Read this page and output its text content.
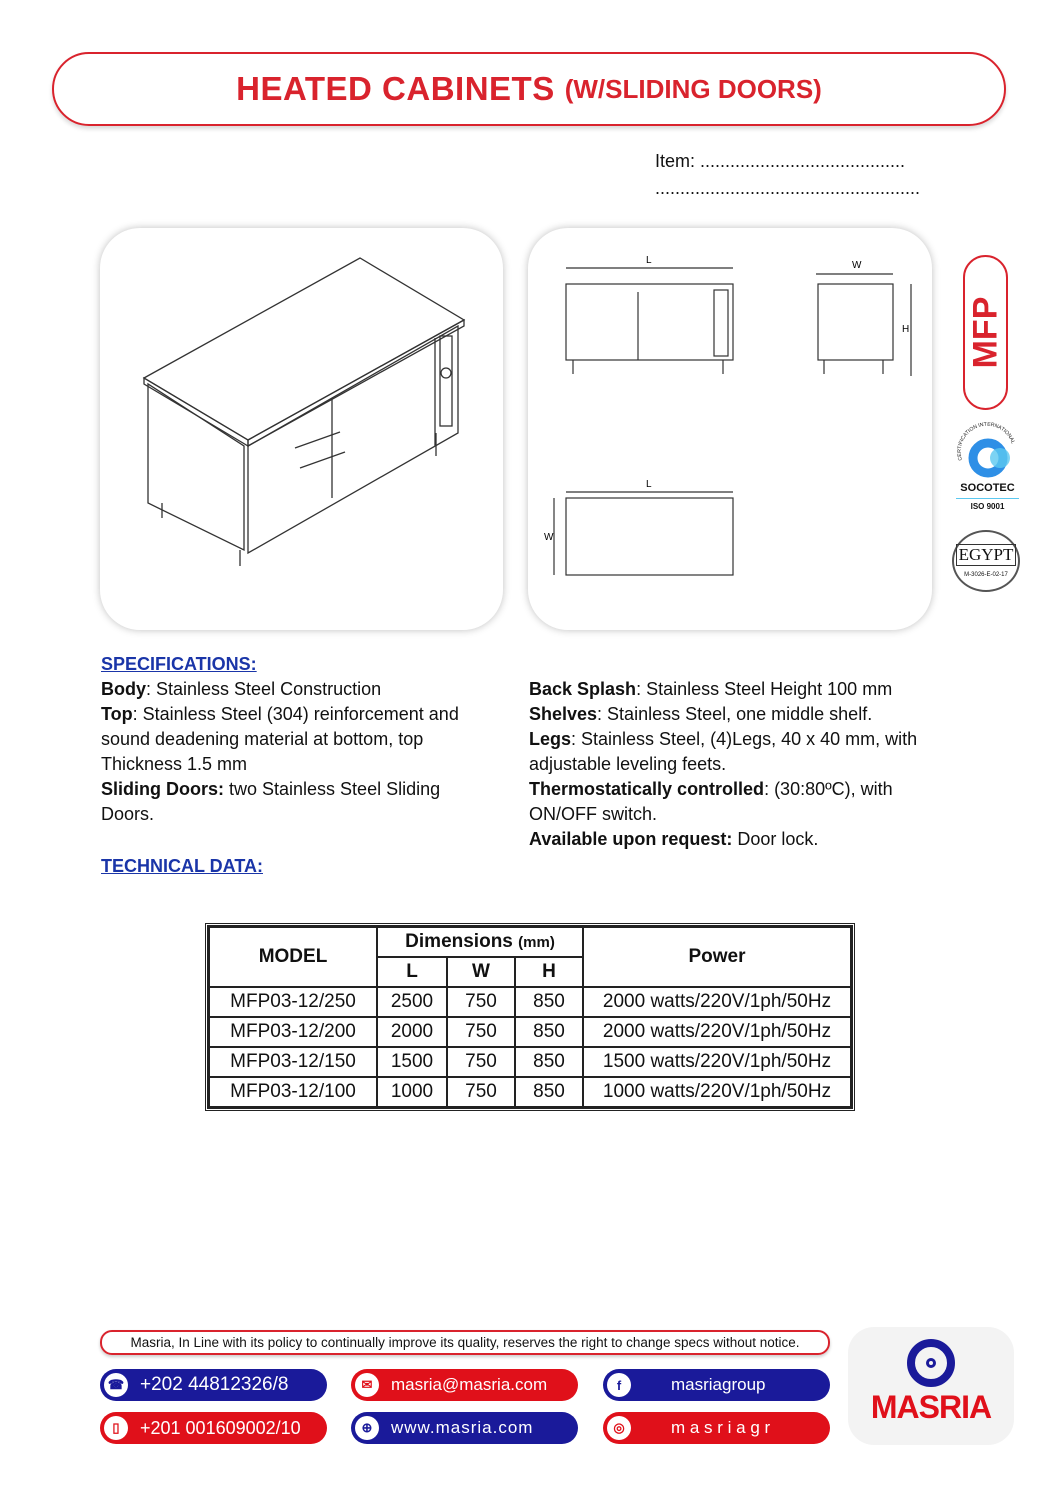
HEATED CABINETS (W/SLIDING DOORS)
Item: .........................................
.....................................................
L	W
H
L
W
MFP
CERTIFICATION INTERNATIONAL
SOCOTEC
ISO 9001
EGYPT
M-3026-E-02-17
SPECIFICATIONS:
Body: Stainless Steel Construction
Top: Stainless Steel (304) reinforcement and sound deadening material at bottom, top Thickness 1.5 mm
Sliding Doors: two Stainless Steel Sliding Doors.
Back Splash: Stainless Steel Height 100 mm
Shelves: Stainless Steel, one middle shelf.
Legs: Stainless Steel, (4)Legs, 40 x 40 mm, with adjustable leveling feets.
Thermostatically controlled: (30:80ºC), with ON/OFF switch.
Available upon request: Door lock.
TECHNICAL DATA:
MODEL	Dimensions (mm)			Power
	L	W	H	
MFP03-12/250	2500	750	850	2000 watts/220V/1ph/50Hz
MFP03-12/200	2000	750	850	2000 watts/220V/1ph/50Hz
MFP03-12/150	1500	750	850	1500 watts/220V/1ph/50Hz
MFP03-12/100	1000	750	850	1000 watts/220V/1ph/50Hz
Masria, In Line with its policy to continually improve its quality, reserves the right to change specs without notice.
☎ +202 44812326/8
▯	+201 001609002/10
✉	masria@masria.com
⊕	www.masria.com
f	masriagroup
◎	m a s r i a g r
MASRIA
